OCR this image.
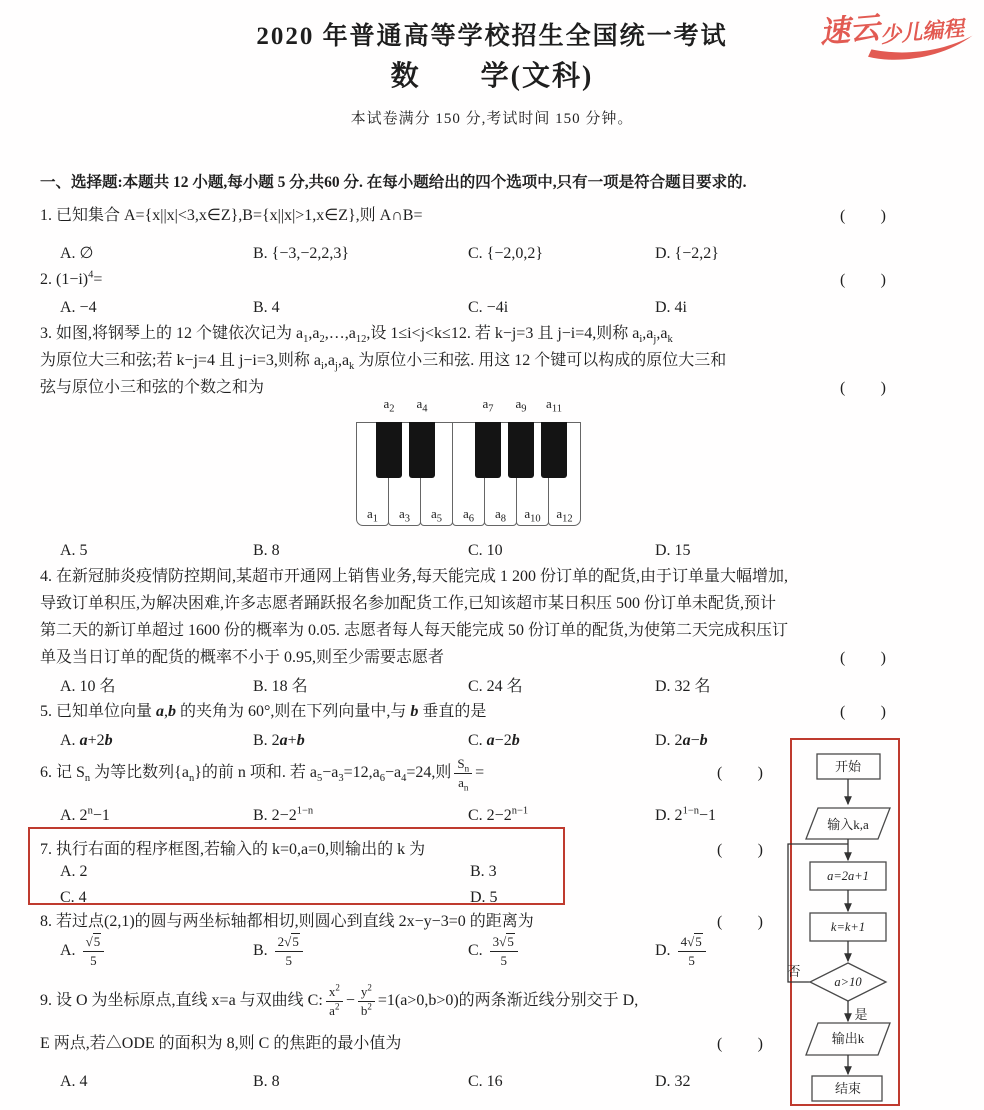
速云
少儿编程
2020 年普通高等学校招生全国统一考试
数　　学(文科)
本试卷满分 150 分,考试时间 150 分钟。
一、选择题:本题共 12 小题,每小题 5 分,共60 分. 在每小题给出的四个选项中,只有一项是符合题目要求的.
1. 已知集合 A={x||x|<3,x∈Z},B={x||x|>1,x∈Z},则 A∩B=	( )
A. ∅	B. {−3,−2,2,3}	C. {−2,0,2}	D. {−2,2}
2. $(1-i)^4=$	( )
A. −4	B. 4	C. −4i	D. 4i
3. 如图,将钢琴上的 12 个键依次记为 $a_1,a_2,\dots,a_{12}$,设 1≤i<j<k≤12. 若 k−j=3 且 j−i=4,则称 $a_i,a_j,a_k$
为原位大三和弦;若 k−j=4 且 j−i=3,则称 $a_i,a_j,a_k$ 为原位小三和弦. 用这 12 个键可以构成的原位大三和
弦与原位小三和弦的个数之和为	( )
A. 5	B. 8	C. 10	D. 15
4. 在新冠肺炎疫情防控期间,某超市开通网上销售业务,每天能完成 1 200 份订单的配货,由于订单量大幅增加,
导致订单积压,为解决困难,许多志愿者踊跃报名参加配货工作,已知该超市某日积压 500 份订单未配货,预计
第二天的新订单超过 1600 份的概率为 0.05. 志愿者每人每天能完成 50 份订单的配货,为使第二天完成积压订
单及当日订单的配货的概率不小于 0.95,则至少需要志愿者	( )
A. 10 名	B. 18 名	C. 24 名	D. 32 名
5. 已知单位向量 a,b 的夹角为 60°,则在下列向量中,与 b 垂直的是	( )
A. a+2b	B. 2a+b	C. a−2b	D. 2a−b
6. 记 $S_n$ 为等比数列$\{a_n\}$的前 n 项和. 若 $a_5-a_3=12,a_6-a_4=24$,则 $\frac{S_n}{a_n}$ =	( )
A. $2^n-1$	B. $2-2^{1-n}$	C. $2-2^{n-1}$	D. $2^{1-n}-1$
7. 执行右面的程序框图,若输入的 k=0,a=0,则输出的 k 为	( )
A. 2	B. 3
C. 4	D. 5
8. 若过点(2,1)的圆与两坐标轴都相切,则圆心到直线 2x−y−3=0 的距离为	( )
A. $\frac{√5}{5}$	B. $\frac{2√5}{5}$	C. $\frac{3√5}{5}$	D. $\frac{4√5}{5}$
9. 设 O 为坐标原点,直线 x=a 与双曲线 C: $\frac{x^2}{a^2} - \frac{y^2}{b^2} =1(a>0,b>0)$的两条渐近线分别交于 D,
E 两点,若△ODE 的面积为 8,则 C 的焦距的最小值为	( )
A. 4	B. 8	C. 16	D. 32
$a_2$ $a_4$	$a_7$ $a_9$ $a_{11}$
$a_1$	$a_3$	$a_5$	$a_6$	$a_8$	$a_{10}$	$a_{12}$
开始
输入k,a
a=2a+1
k=k+1
a>10
否
是
输出k
结束
